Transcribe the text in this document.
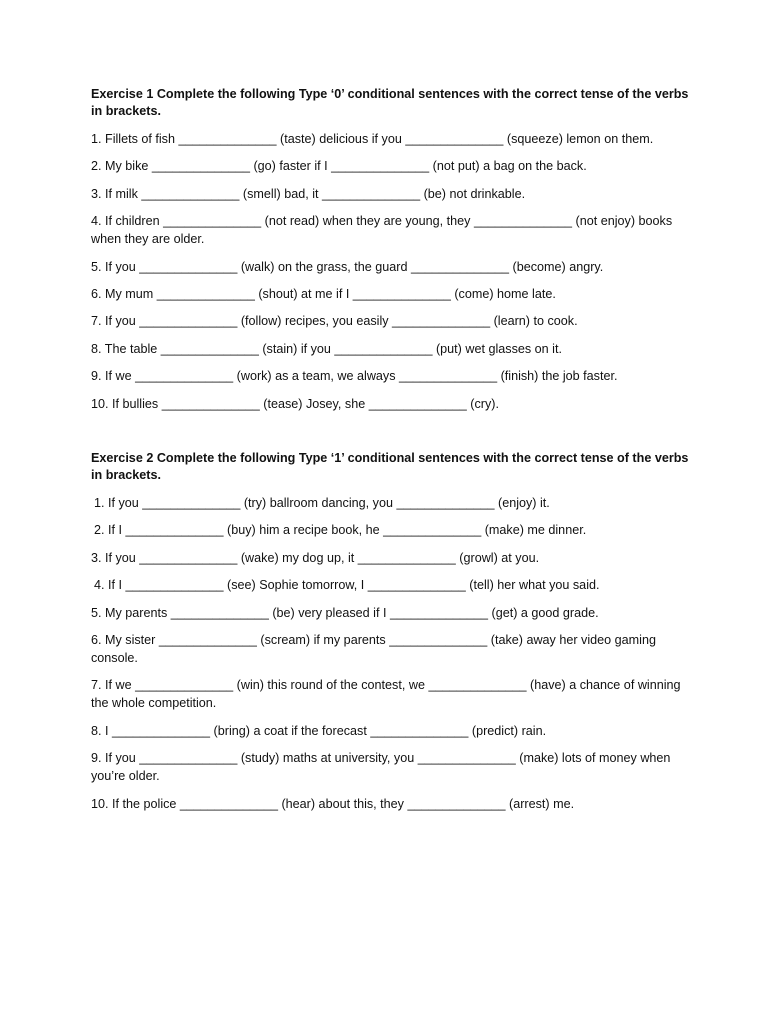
Exercise 1 Complete the following Type ‘0’ conditional sentences with the correct tense of the verbs in brackets.
1. Fillets of fish ______________ (taste) delicious if you ______________ (squeeze) lemon on them.
2. My bike ______________ (go) faster if I ______________ (not put) a bag on the back.
3. If milk ______________ (smell) bad, it ______________ (be) not drinkable.
4. If children ______________ (not read) when they are young, they ______________ (not enjoy) books when they are older.
5. If you ______________ (walk) on the grass, the guard ______________ (become) angry.
6. My mum ______________ (shout) at me if I ______________ (come) home late.
7. If you ______________ (follow) recipes, you easily ______________ (learn) to cook.
8. The table ______________ (stain) if you ______________ (put) wet glasses on it.
9. If we ______________ (work) as a team, we always ______________ (finish) the job faster.
10. If bullies ______________ (tease) Josey, she ______________ (cry).
Exercise 2 Complete the following Type ‘1’ conditional sentences with the correct tense of the verbs in brackets.
1. If you ______________ (try) ballroom dancing, you ______________ (enjoy) it.
2. If I ______________ (buy) him a recipe book, he ______________ (make) me dinner.
3. If you ______________ (wake) my dog up, it ______________ (growl) at you.
4. If I ______________ (see) Sophie tomorrow, I ______________ (tell) her what you said.
5. My parents ______________ (be) very pleased if I ______________ (get) a good grade.
6. My sister ______________ (scream) if my parents ______________ (take) away her video gaming console.
7. If we ______________ (win) this round of the contest, we ______________ (have) a chance of winning the whole competition.
8. I ______________ (bring) a coat if the forecast ______________ (predict) rain.
9. If you ______________ (study) maths at university, you ______________ (make) lots of money when you’re older.
10. If the police ______________ (hear) about this, they ______________ (arrest) me.
